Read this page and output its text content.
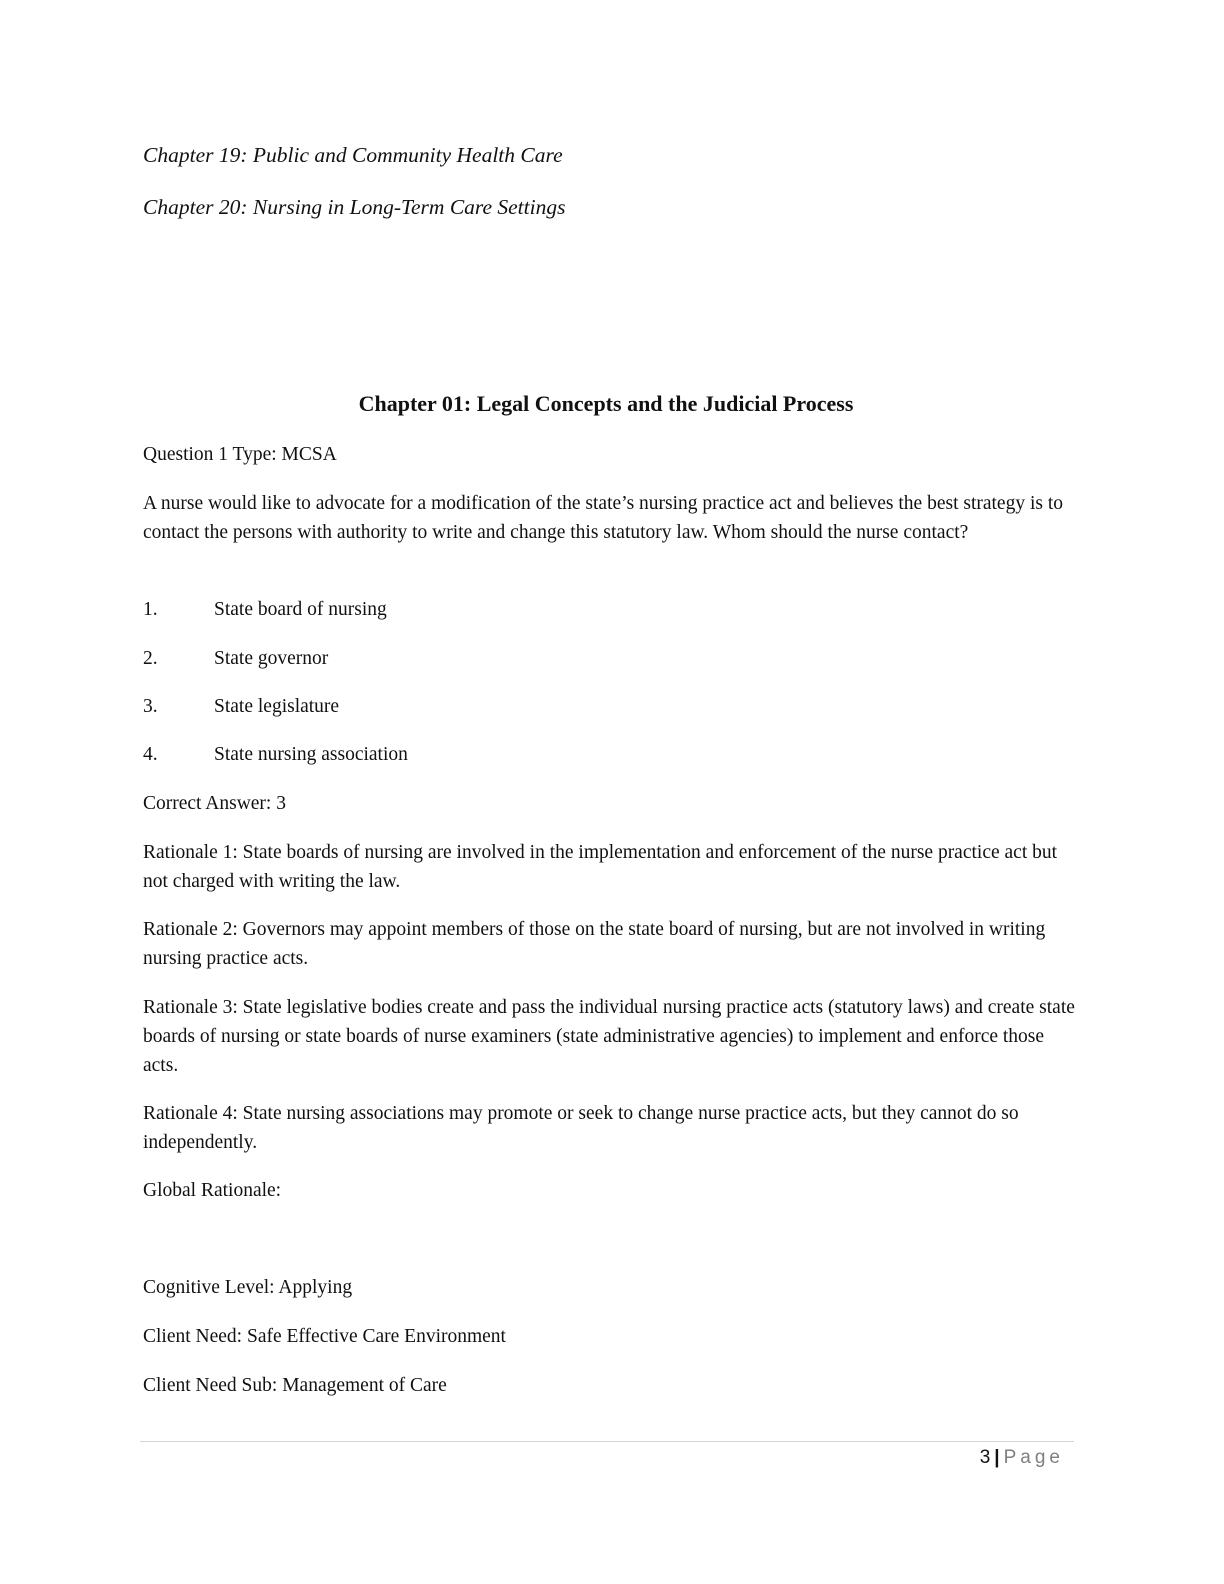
Chapter 19: Public and Community Health Care
Chapter 20: Nursing in Long-Term Care Settings
Chapter 01: Legal Concepts and the Judicial Process
Question 1 Type: MCSA
A nurse would like to advocate for a modification of the state’s nursing practice act and believes the best strategy is to contact the persons with authority to write and change this statutory law. Whom should the nurse contact?
1.	State board of nursing
2.	State governor
3.	State legislature
4.	State nursing association
Correct Answer: 3
Rationale 1: State boards of nursing are involved in the implementation and enforcement of the nurse practice act but not charged with writing the law.
Rationale 2: Governors may appoint members of those on the state board of nursing, but are not involved in writing nursing practice acts.
Rationale 3: State legislative bodies create and pass the individual nursing practice acts (statutory laws) and create state boards of nursing or state boards of nurse examiners (state administrative agencies) to implement and enforce those acts.
Rationale 4: State nursing associations may promote or seek to change nurse practice acts, but they cannot do so independently.
Global Rationale:
Cognitive Level: Applying
Client Need: Safe Effective Care Environment
Client Need Sub: Management of Care
3 | Page
